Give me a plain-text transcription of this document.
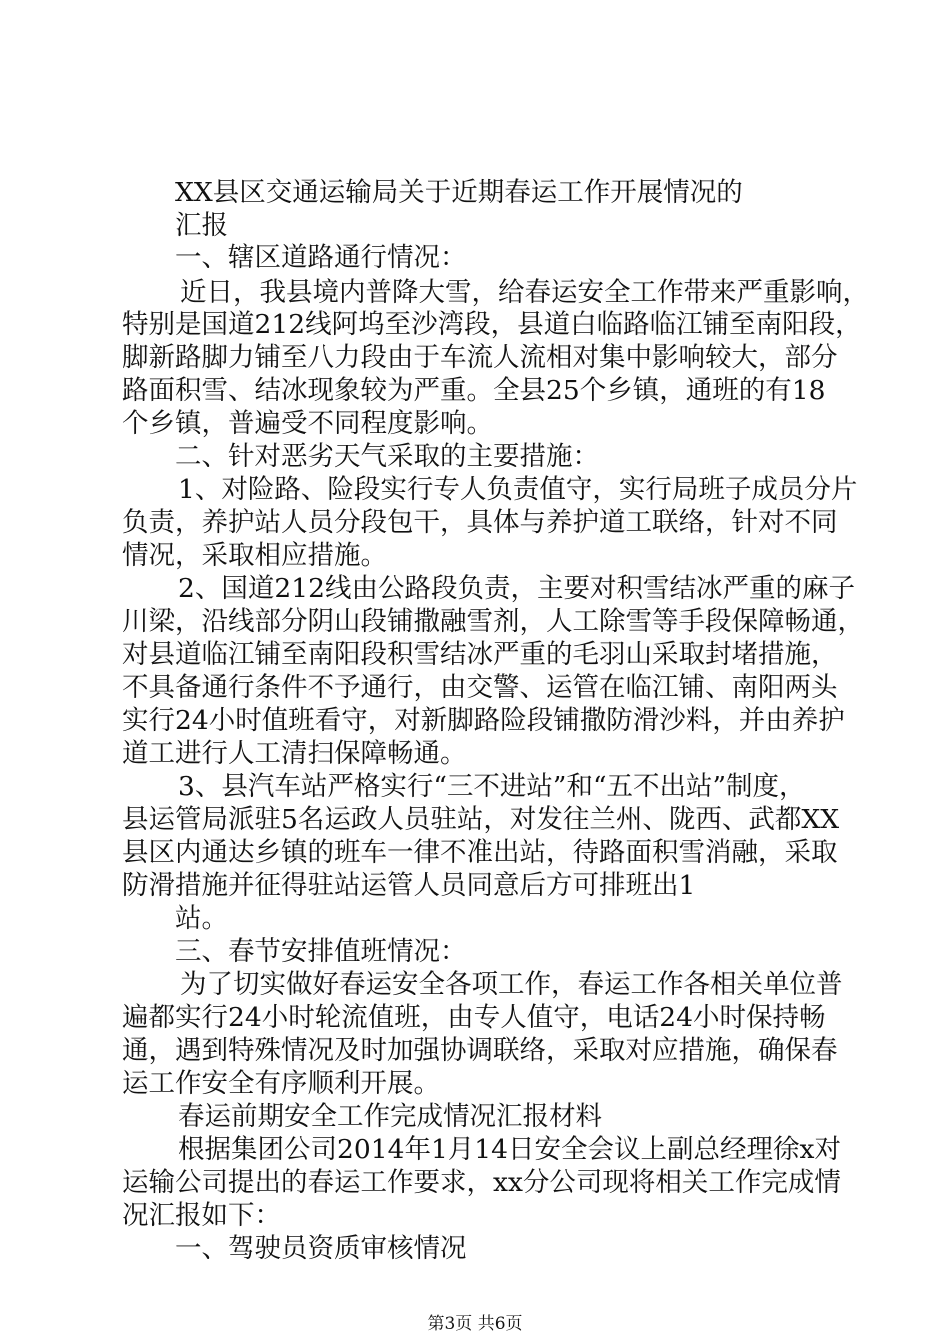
XX县区交通运输局关于近期春运工作开展情况的
汇报
一、辖区道路通行情况：
近日，我县境内普降大雪，给春运安全工作带来严重影响，
特别是国道212线阿坞至沙湾段，县道白临路临江铺至南阳段，
脚新路脚力铺至八力段由于车流人流相对集中影响较大，部分
路面积雪、结冰现象较为严重。全县25个乡镇，通班的有18
个乡镇，普遍受不同程度影响。
二、针对恶劣天气采取的主要措施：
1、对险路、险段实行专人负责值守，实行局班子成员分片
负责，养护站人员分段包干，具体与养护道工联络，针对不同
情况，采取相应措施。
2、国道212线由公路段负责，主要对积雪结冰严重的麻子
川梁，沿线部分阴山段铺撒融雪剂，人工除雪等手段保障畅通，
对县道临江铺至南阳段积雪结冰严重的毛羽山采取封堵措施，
不具备通行条件不予通行，由交警、运管在临江铺、南阳两头
实行24小时值班看守，对新脚路险段铺撒防滑沙料，并由养护
道工进行人工清扫保障畅通。
3、县汽车站严格实行“三不进站”和“五不出站”制度，
县运管局派驻5名运政人员驻站，对发往兰州、陇西、武都XX
县区内通达乡镇的班车一律不准出站，待路面积雪消融，采取
防滑措施并征得驻站运管人员同意后方可排班出1
站。
三、春节安排值班情况：
为了切实做好春运安全各项工作，春运工作各相关单位普
遍都实行24小时轮流值班，由专人值守，电话24小时保持畅
通，遇到特殊情况及时加强协调联络，采取对应措施，确保春
运工作安全有序顺利开展。
春运前期安全工作完成情况汇报材料
根据集团公司2014年1月14日安全会议上副总经理徐x对
运输公司提出的春运工作要求，xx分公司现将相关工作完成情
况汇报如下：
一、驾驶员资质审核情况
第3页 共6页
